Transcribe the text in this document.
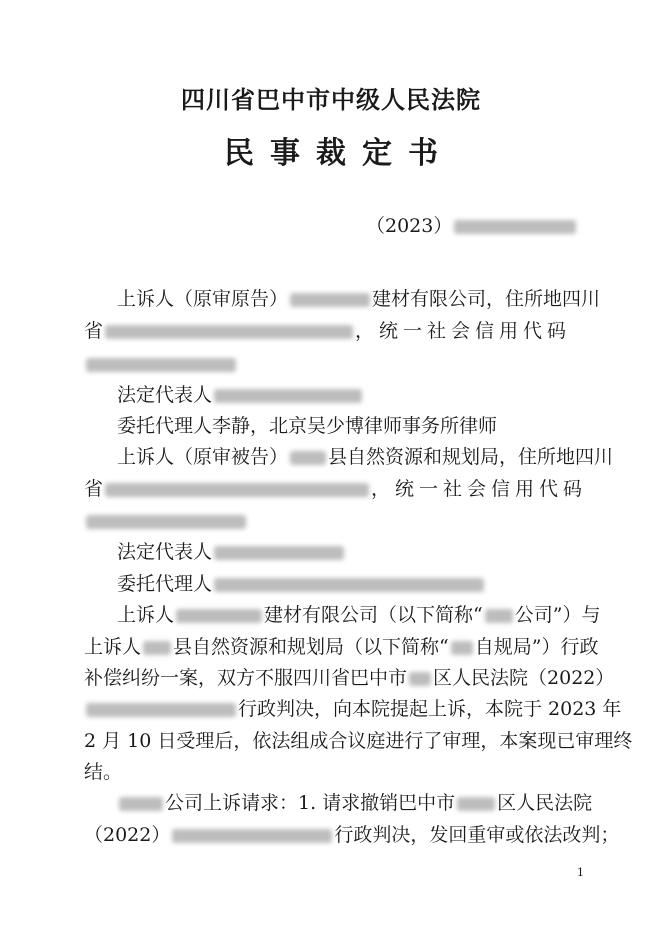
四川省巴中市中级人民法院
民事裁定书
（2023）
上诉人（原审原告）	建材有限公司，住所地四川
省	，统一社会信用代码
法定代表人
委托代理人李静，北京吴少博律师事务所律师
上诉人（原审被告） 县自然资源和规划局，住所地四川
省	，统一社会信用代码
法定代表人
委托代理人
上诉人	建材有限公司（以下简称“ 公司”）与
上诉人 县自然资源和规划局（以下简称“ 自规局”）行政
补偿纠纷一案，双方不服四川省巴中市 区人民法院（2022）
行政判决，向本院提起上诉，本院于 2023 年
2 月 10 日受理后，依法组成合议庭进行了审理，本案现已审理终
结。
公司上诉请求：1. 请求撤销巴中市 区人民法院
（2022）	行政判决，发回重审或依法改判；
1
